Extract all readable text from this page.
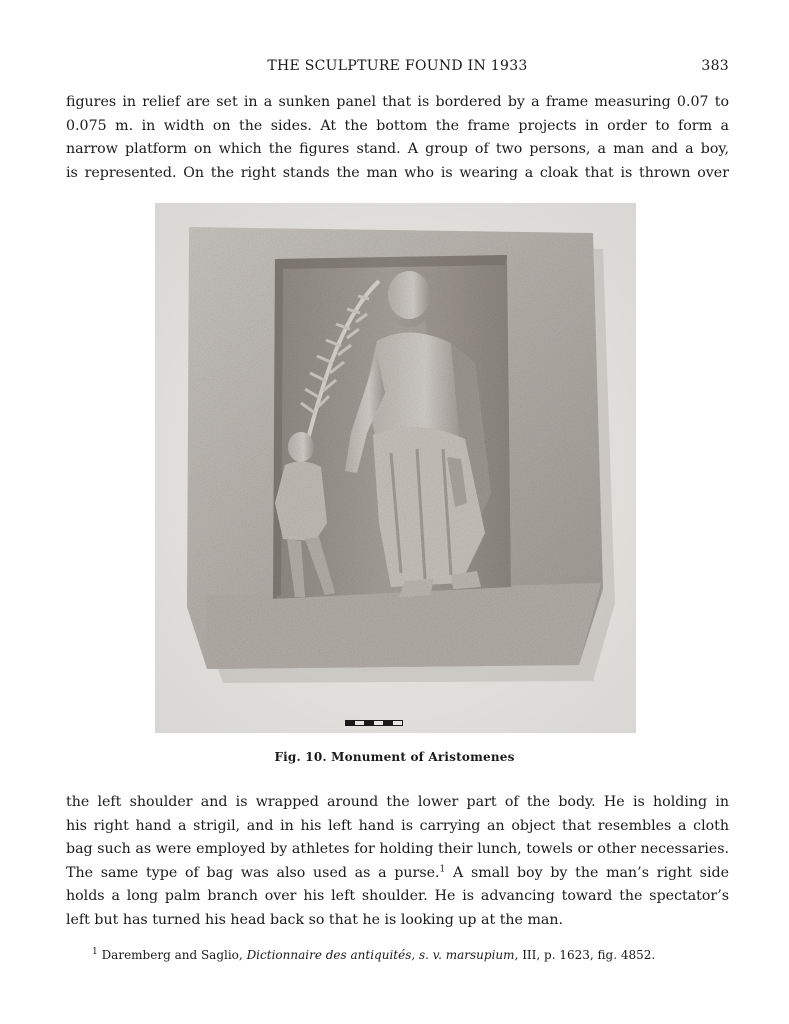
THE SCULPTURE FOUND IN 1933	383

figures in relief are set in a sunken panel that is bordered by a frame measuring 0.07 to
0.075 m. in width on the sides. At the bottom the frame projects in order to form a
narrow platform on which the figures stand. A group of two persons, a man and a boy,
is represented. On the right stands the man who is wearing a cloak that is thrown over

Fig. 10. Monument of Aristomenes

the left shoulder and is wrapped around the lower part of the body. He is holding in
his right hand a strigil, and in his left hand is carrying an object that resembles a cloth
bag such as were employed by athletes for holding their lunch, towels or other necessaries.
The same type of bag was also used as a purse.$^1$ A small boy by the man’s right side
holds a long palm branch over his left shoulder. He is advancing toward the spectator’s
left but has turned his head back so that he is looking up at the man.

$^1$ Daremberg and Saglio, Dictionnaire des antiquités, s. v. marsupium, III, p. 1623, fig. 4852.
